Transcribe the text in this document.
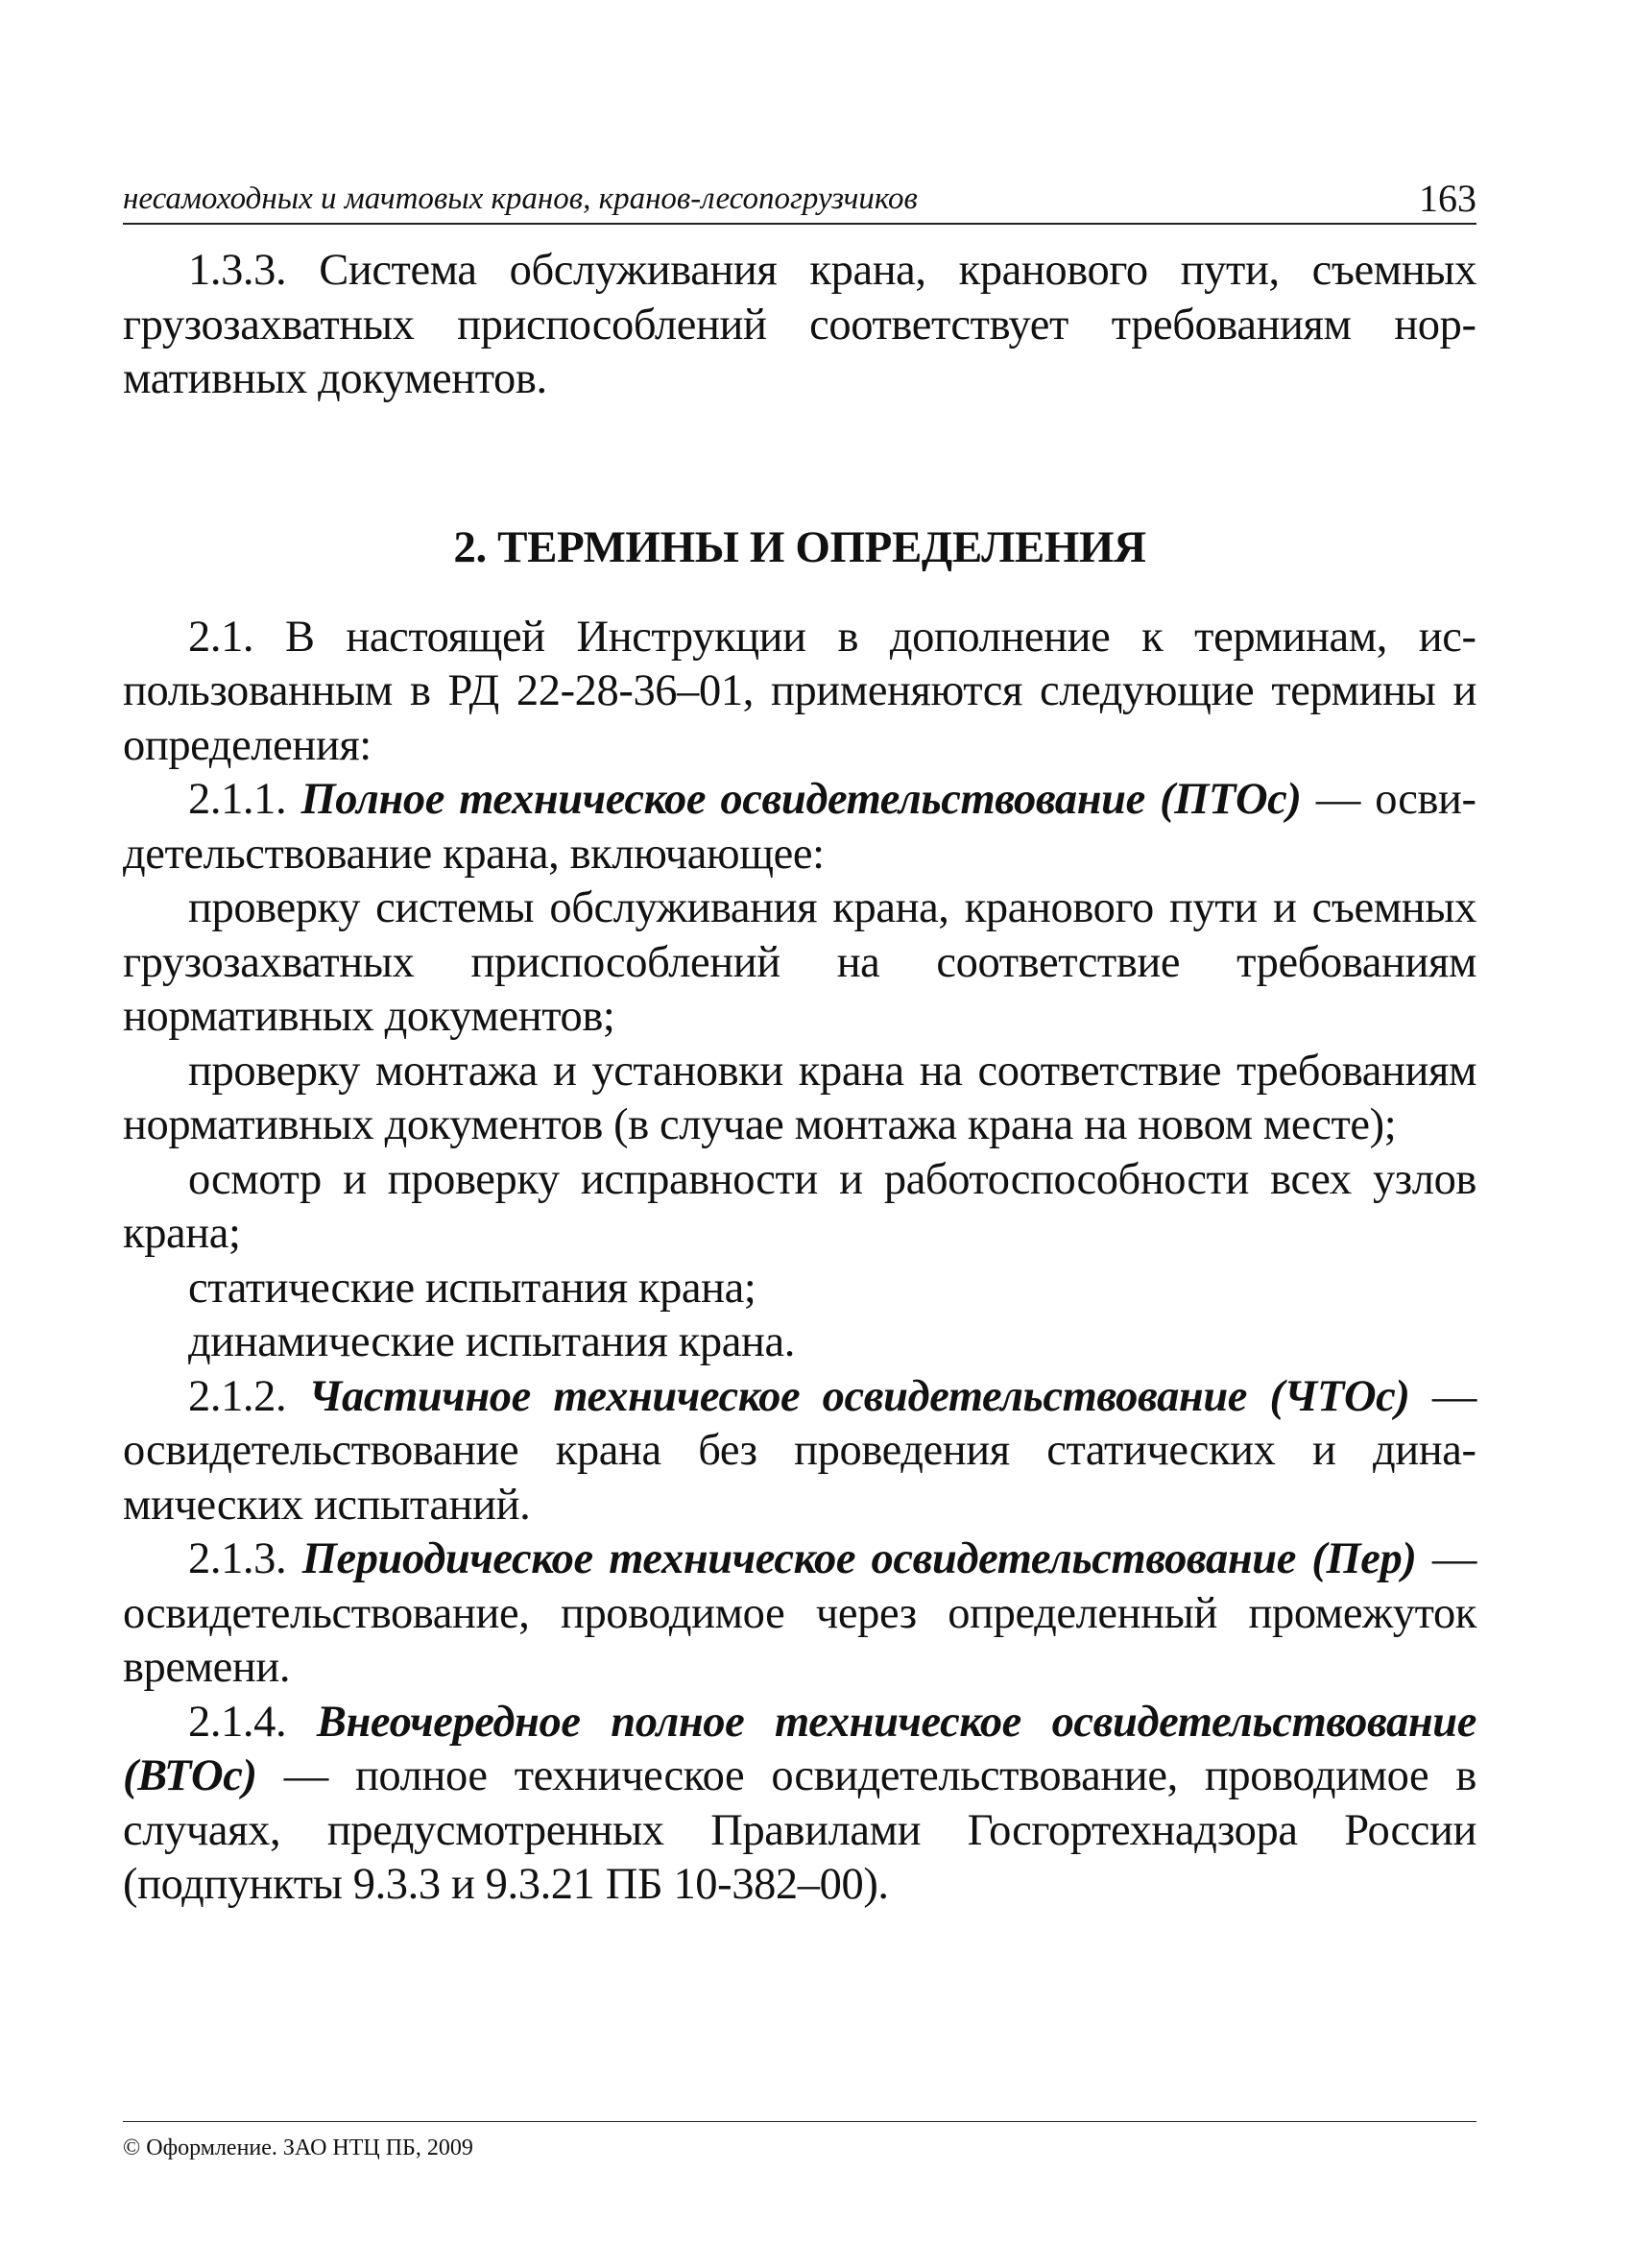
несамоходных и мачтовых кранов, кранов-лесопогрузчиков	163

1.3.3. Система обслуживания крана, кранового пути, съемных грузозахватных приспособлений соответствует требованиям нормативных документов.

2. ТЕРМИНЫ И ОПРЕДЕЛЕНИЯ

2.1. В настоящей Инструкции в дополнение к терминам, использованным в РД 22-28-36–01, применяются следующие термины и определения:

2.1.1. Полное техническое освидетельствование (ПТОс) — освидетельствование крана, включающее:

проверку системы обслуживания крана, кранового пути и съемных грузозахватных приспособлений на соответствие требованиям нормативных документов;

проверку монтажа и установки крана на соответствие требованиям нормативных документов (в случае монтажа крана на новом месте);

осмотр и проверку исправности и работоспособности всех узлов крана;

статические испытания крана;

динамические испытания крана.

2.1.2. Частичное техническое освидетельствование (ЧТОс) — освидетельствование крана без проведения статических и динамических испытаний.

2.1.3. Периодическое техническое освидетельствование (Пер) — освидетельствование, проводимое через определенный промежуток времени.

2.1.4. Внеочередное полное техническое освидетельствование (ВТОс) — полное техническое освидетельствование, проводимое в случаях, предусмотренных Правилами Госгортехнадзора России (подпункты 9.3.3 и 9.3.21 ПБ 10-382–00).

© Оформление. ЗАО НТЦ ПБ, 2009
